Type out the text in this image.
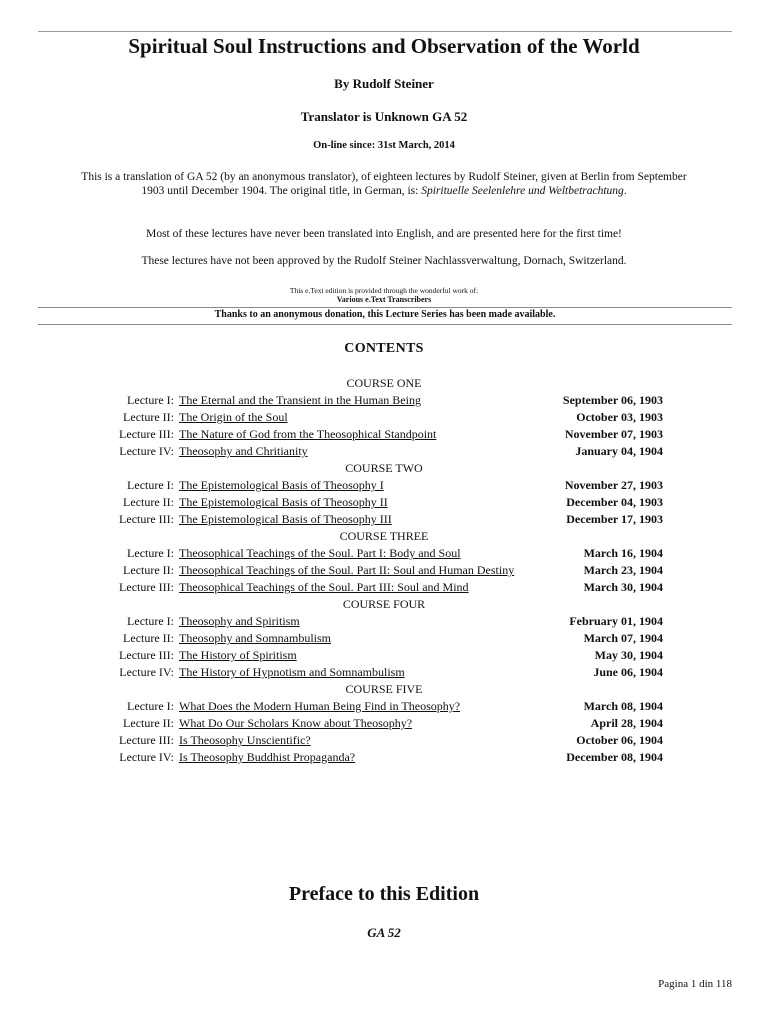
Spiritual Soul Instructions and Observation of the World
By Rudolf Steiner
Translator is Unknown GA 52
On-line since: 31st March, 2014
This is a translation of GA 52 (by an anonymous translator), of eighteen lectures by Rudolf Steiner, given at Berlin from September 1903 until December 1904. The original title, in German, is: Spirituelle Seelenlehre und Weltbetrachtung.
Most of these lectures have never been translated into English, and are presented here for the first time!
These lectures have not been approved by the Rudolf Steiner Nachlassverwaltung, Dornach, Switzerland.
This e.Text edition is provided through the wonderful work of:
Various e.Text Transcribers
Thanks to an anonymous donation, this Lecture Series has been made available.
CONTENTS
COURSE ONE
Lecture I: The Eternal and the Transient in the Human Being	September 06, 1903
Lecture II: The Origin of the Soul	October 03, 1903
Lecture III: The Nature of God from the Theosophical Standpoint	November 07, 1903
Lecture IV: Theosophy and Chritianity	January 04, 1904
COURSE TWO
Lecture I: The Epistemological Basis of Theosophy I	November 27, 1903
Lecture II: The Epistemological Basis of Theosophy II	December 04, 1903
Lecture III: The Epistemological Basis of Theosophy III	December 17, 1903
COURSE THREE
Lecture I: Theosophical Teachings of the Soul. Part I: Body and Soul	March 16, 1904
Lecture II: Theosophical Teachings of the Soul. Part II: Soul and Human Destiny	March 23, 1904
Lecture III: Theosophical Teachings of the Soul. Part III: Soul and Mind	March 30, 1904
COURSE FOUR
Lecture I: Theosophy and Spiritism	February 01, 1904
Lecture II: Theosophy and Somnambulism	March 07, 1904
Lecture III: The History of Spiritism	May 30, 1904
Lecture IV: The History of Hypnotism and Somnambulism	June 06, 1904
COURSE FIVE
Lecture I: What Does the Modern Human Being Find in Theosophy?	March 08, 1904
Lecture II: What Do Our Scholars Know about Theosophy?	April 28, 1904
Lecture III: Is Theosophy Unscientific?	October 06, 1904
Lecture IV: Is Theosophy Buddhist Propaganda?	December 08, 1904
Preface to this Edition
GA 52
Pagina 1 din 118
